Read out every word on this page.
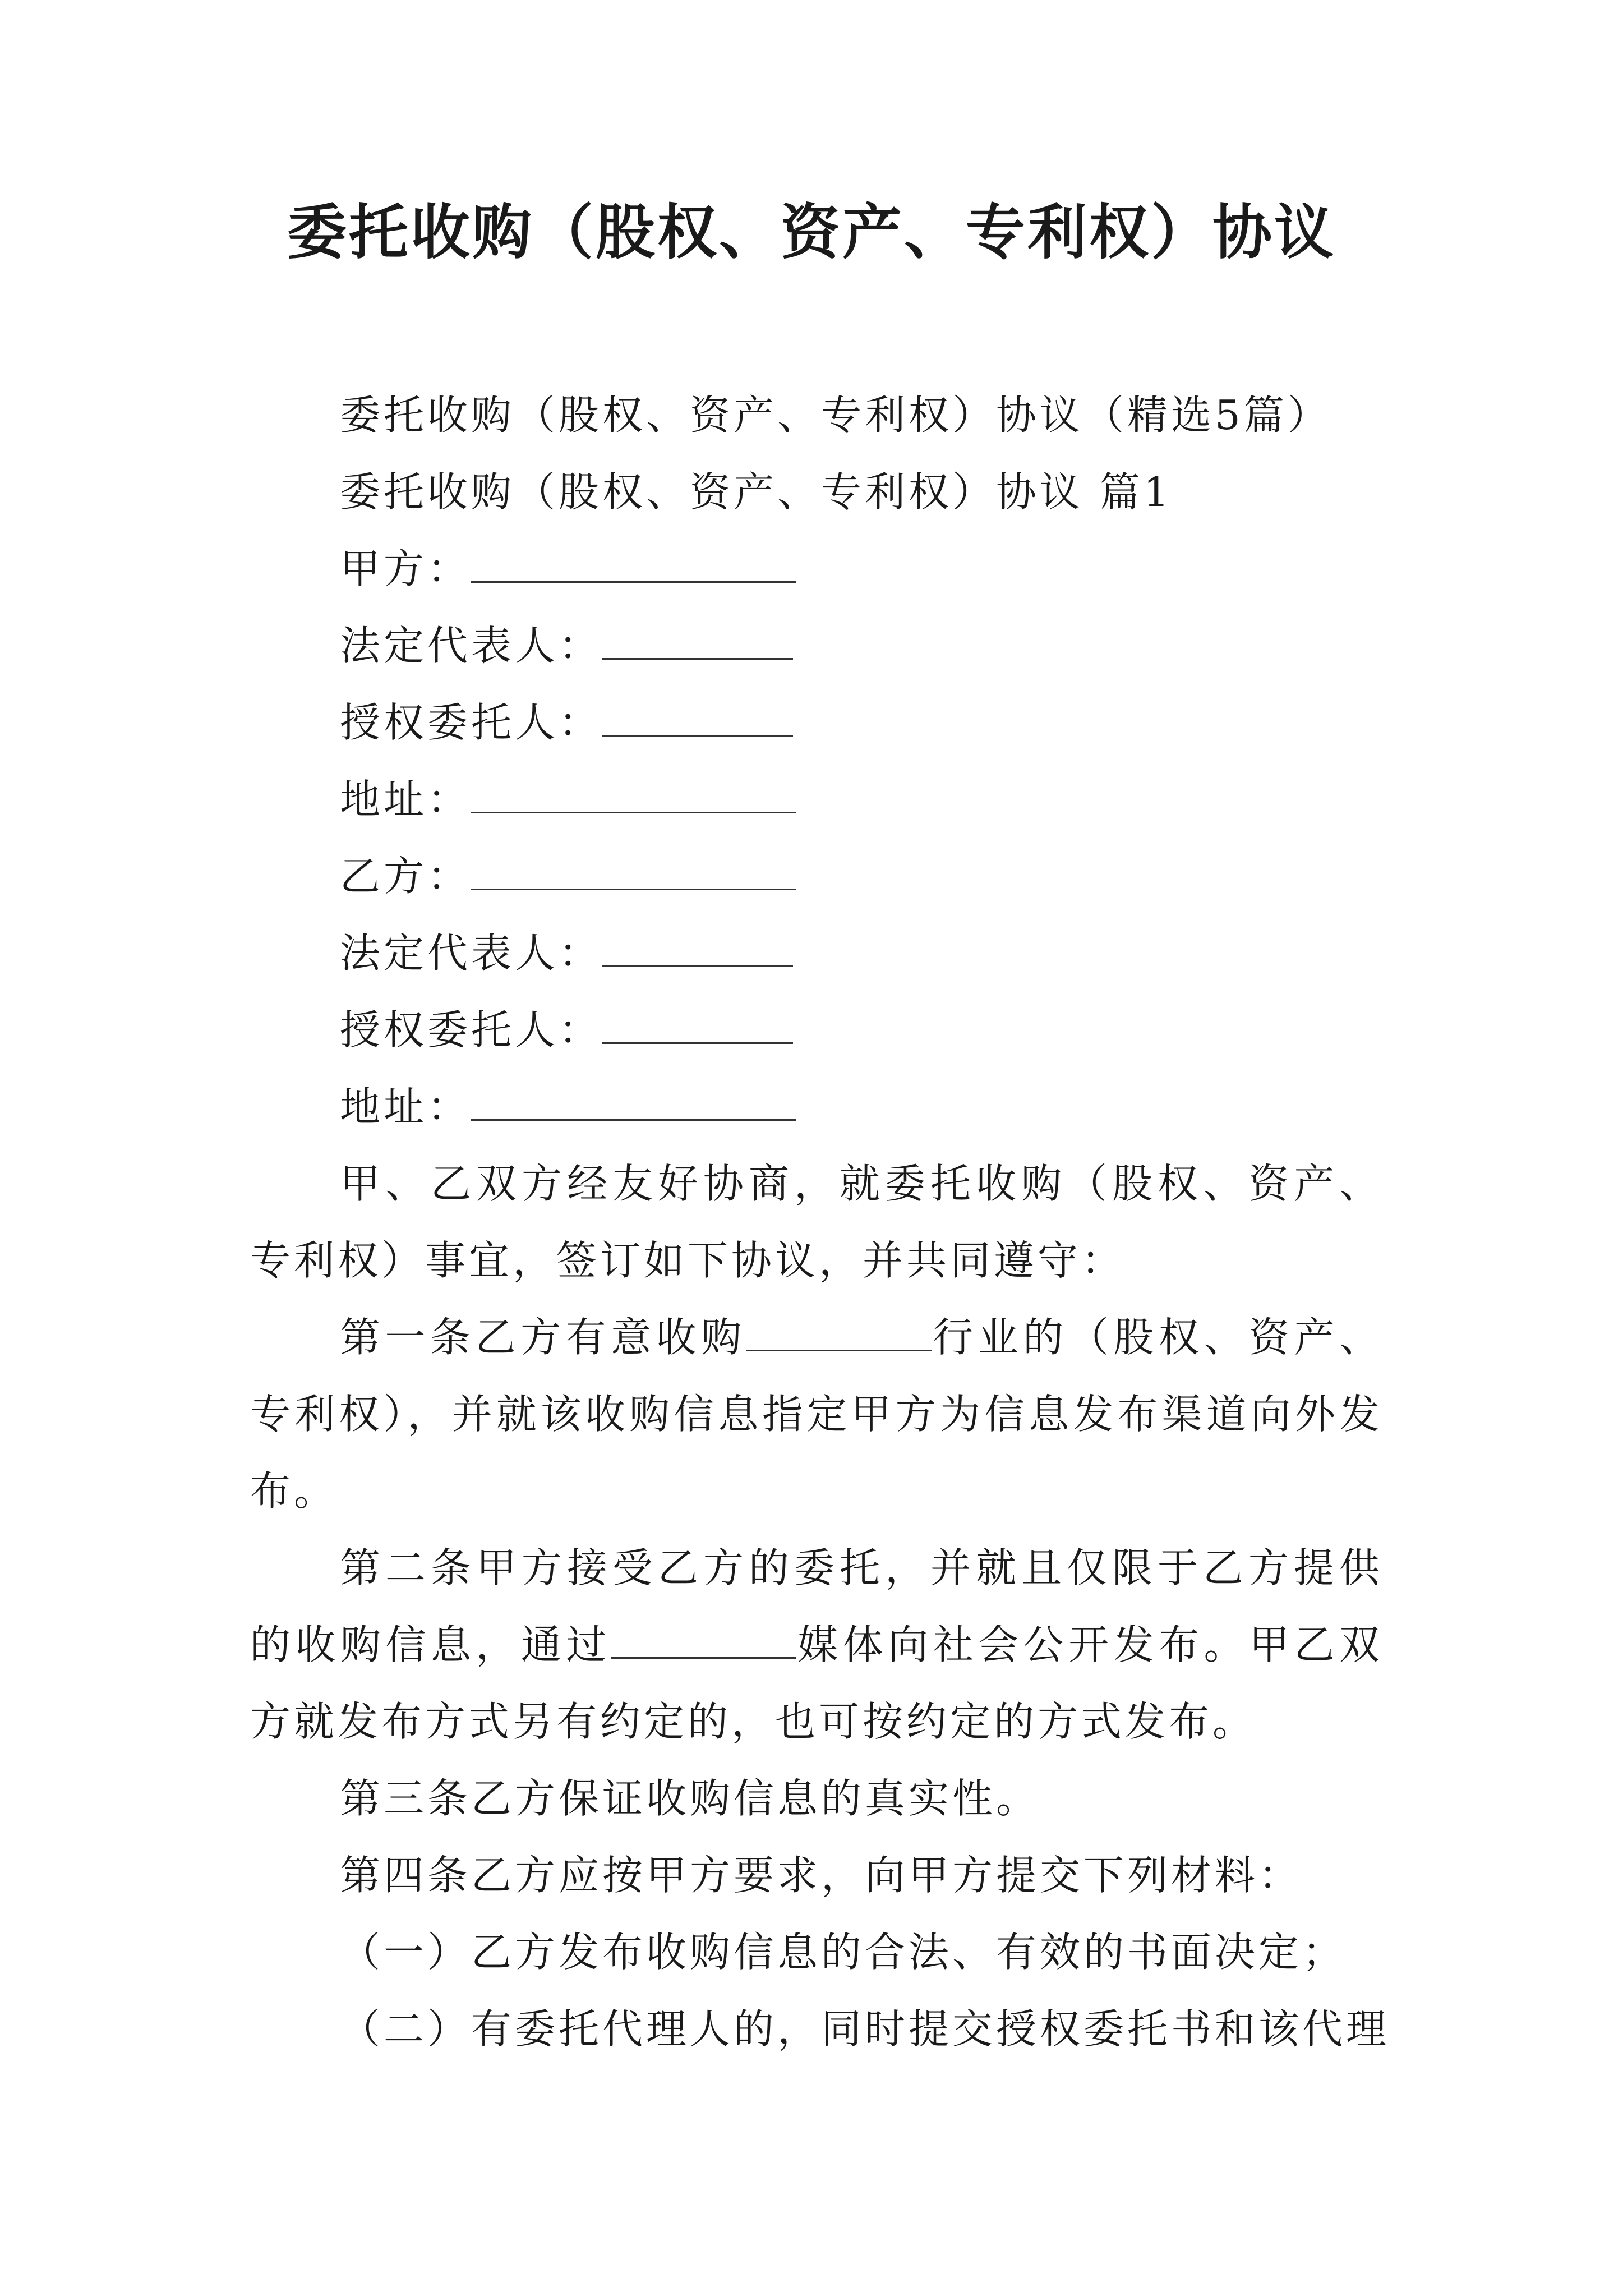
委托收购（股权、资产、专利权）协议
委托收购（股权、资产、专利权）协议（精选5篇）
委托收购（股权、资产、专利权）协议 篇1
甲方：
法定代表人：
授权委托人：
地址：
乙方：
法定代表人：
授权委托人：
地址：
甲、乙双方经友好协商，就委托收购（股权、资产、专利权）事宜，签订如下协议，并共同遵守：
第一条乙方有意收购	行业的（股权、资产、专利权），并就该收购信息指定甲方为信息发布渠道向外发布。
第二条甲方接受乙方的委托，并就且仅限于乙方提供的收购信息，通过	媒体向社会公开发布。甲乙双方就发布方式另有约定的，也可按约定的方式发布。
第三条乙方保证收购信息的真实性。
第四条乙方应按甲方要求，向甲方提交下列材料：
（一）乙方发布收购信息的合法、有效的书面决定；
（二）有委托代理人的，同时提交授权委托书和该代理
